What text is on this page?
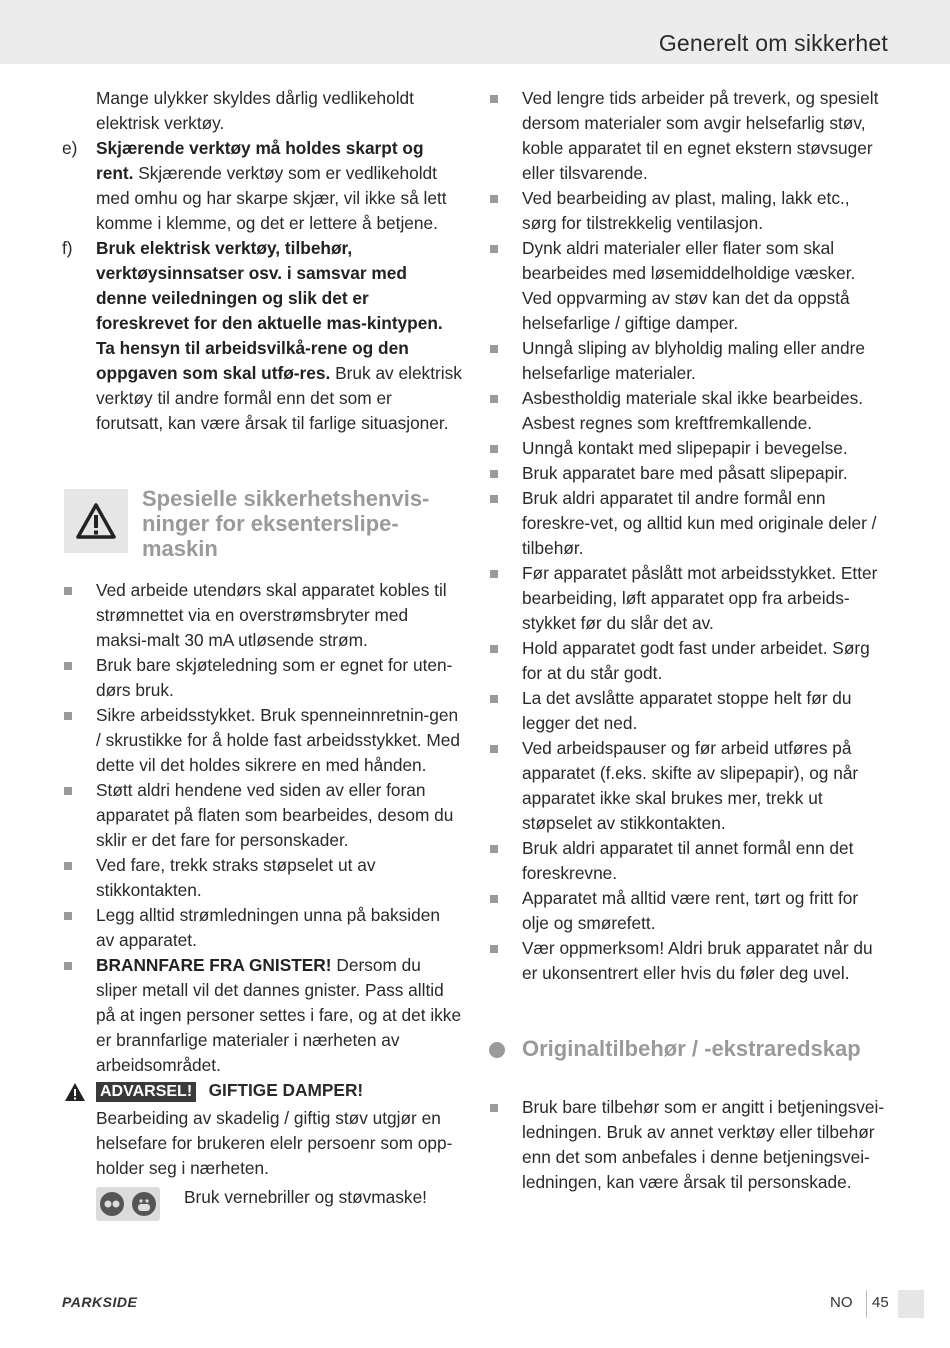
Generelt om sikkerhet

Mange ulykker skyldes dårlig vedlikeholdt elektrisk verktøy.

e)	Skjærende verktøy må holdes skarpt og rent. Skjærende verktøy som er vedlikeholdt med omhu og har skarpe skjær, vil ikke så lett komme i klemme, og det er lettere å betjene.
f)	Bruk elektrisk verktøy, tilbehør, verktøysinnsatser osv. i samsvar med denne veiledningen og slik det er foreskrevet for den aktuelle mas-kintypen. Ta hensyn til arbeidsvilkå-rene og den oppgaven som skal utfø-res. Bruk av elektrisk verktøy til andre formål enn det som er forutsatt, kan være årsak til farlige situasjoner.
Spesielle sikkerhetshenvis-ninger for eksenterslipe-maskin
Ved arbeide utendørs skal apparatet kobles til strømnettet via en overstrømsbryter med maksi-malt 30 mA utløsende strøm.
Bruk bare skjøteledning som er egnet for uten-dørs bruk.
Sikre arbeidsstykket. Bruk spenneinnretnin-gen / skrustikke for å holde fast arbeidsstykket. Med dette vil det holdes sikrere en med hånden.
Støtt aldri hendene ved siden av eller foran apparatet på flaten som bearbeides, desom du sklir er det fare for personskader.
Ved fare, trekk straks støpselet ut av stikkontakten.
Legg alltid strømledningen unna på baksiden av apparatet.
BRANNFARE FRA GNISTER! Dersom du sliper metall vil det dannes gnister. Pass alltid på at ingen personer settes i fare, og at det ikke er brannfarlige materialer i nærheten av arbeidsområdet.
ADVARSEL! GIFTIGE DAMPER!

Bearbeiding av skadelig / giftig støv utgjør en helsefare for brukeren elelr persoenr som opp-holder seg i nærheten.

Bruk vernebriller og støvmaske!
Ved lengre tids arbeider på treverk, og spesielt dersom materialer som avgir helsefarlig støv, koble apparatet til en egnet ekstern støvsuger eller tilsvarende.
Ved bearbeiding av plast, maling, lakk etc., sørg for tilstrekkelig ventilasjon.
Dynk aldri materialer eller flater som skal bearbeides med løsemiddelholdige væsker. Ved oppvarming av støv kan det da oppstå helsefarlige / giftige damper.
Unngå sliping av blyholdig maling eller andre helsefarlige materialer.
Asbestholdig materiale skal ikke bearbeides. Asbest regnes som kreftfremkallende.
Unngå kontakt med slipepapir i bevegelse.
Bruk apparatet bare med påsatt slipepapir.
Bruk aldri apparatet til andre formål enn foreskre-vet, og alltid kun med originale deler / tilbehør.
Før apparatet påslått mot arbeidsstykket. Etter bearbeiding, løft apparatet opp fra arbeids-stykket før du slår det av.
Hold apparatet godt fast under arbeidet. Sørg for at du står godt.
La det avslåtte apparatet stoppe helt før du legger det ned.
Ved arbeidspauser og før arbeid utføres på apparatet (f.eks. skifte av slipepapir), og når apparatet ikke skal brukes mer, trekk ut støpselet av stikkontakten.
Bruk aldri apparatet til annet formål enn det foreskrevne.
Apparatet må alltid være rent, tørt og fritt for olje og smørefett.
Vær oppmerksom! Aldri bruk apparatet når du er ukonsentrert eller hvis du føler deg uvel.
Originaltilbehør / -ekstraredskap
Bruk bare tilbehør som er angitt i betjeningsvei-ledningen. Bruk av annet verktøy eller tilbehør enn det som anbefales i denne betjeningsvei-ledningen, kan være årsak til personskade.
PARKSIDE	NO 45
